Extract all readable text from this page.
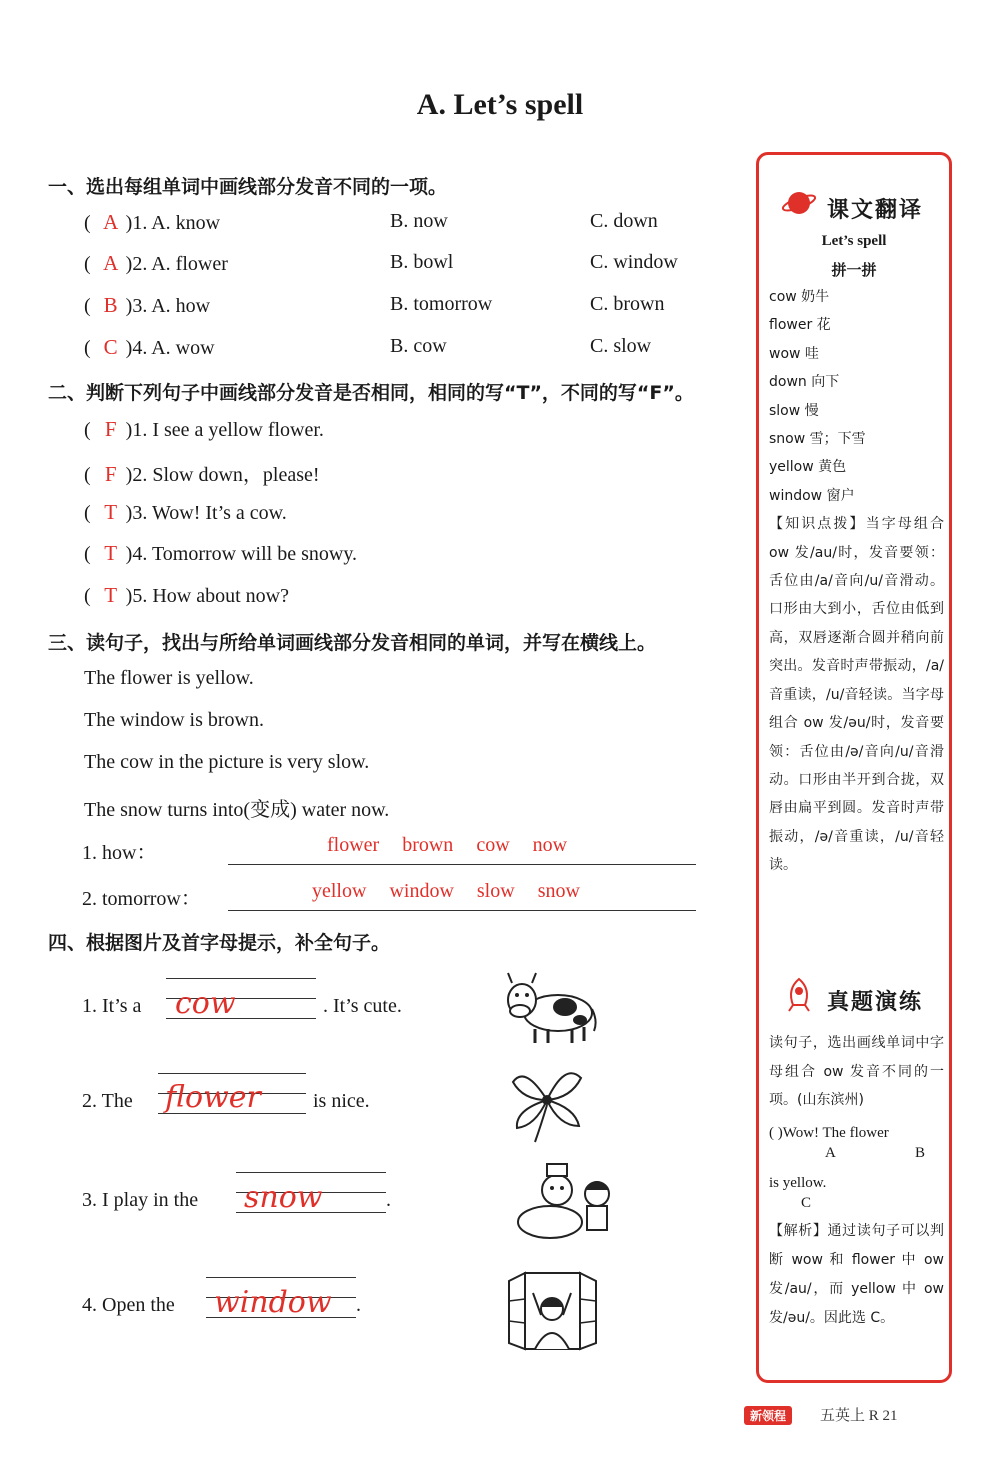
A. Let’s spell
一、选出每组单词中画线部分发音不同的一项。
( A )1. A. know	B. now	C. down
( A )2. A. flower	B. bowl	C. window
( B )3. A. how	B. tomorrow	C. brown
( C )4. A. wow	B. cow	C. slow
二、判断下列句子中画线部分发音是否相同，相同的写“T”，不同的写“F”。
( F )1. I see a yellow flower.
( F )2. Slow down，please!
( T )3. Wow! It’s a cow.
( T )4. Tomorrow will be snowy.
( T )5. How about now?
三、读句子，找出与所给单词画线部分发音相同的单词，并写在横线上。
The flower is yellow.
The window is brown.
The cow in the picture is very slow.
The snow turns into(变成) water now.
1. how：	flower brown cow now
2. tomorrow：	yellow window slow snow
四、根据图片及首字母提示，补全句子。
1. It’s a cow	. It’s cute.
2. The flower	is nice.
3. I play in the snow	.
4. Open the window .
课文翻译
Let’s spell
拼一拼
cow 奶牛
flower 花
wow 哇
down 向下
slow 慢
snow 雪；下雪
yellow 黄色
window 窗户
【知识点拨】当字母组合 ow 发/au/时，发音要领：舌位由/a/音向/u/音滑动。口形由大到小，舌位由低到高，双唇逐渐合圆并稍向前突出。发音时声带振动，/a/音重读，/u/音轻读。当字母组合 ow 发/əu/时，发音要领：舌位由/ə/音向/u/音滑动。口形由半开到合拢，双唇由扁平到圆。发音时声带振动，/ə/音重读，/u/音轻读。
真题演练
读句子，选出画线单词中字母组合 ow 发音不同的一项。(山东滨州)
( )Wow! The flower
A	B
is yellow.
C
【解析】通过读句子可以判断 wow 和 flower 中 ow 发/au/，而 yellow 中 ow 发/əu/。因此选 C。
新领程	五英上 R 21
